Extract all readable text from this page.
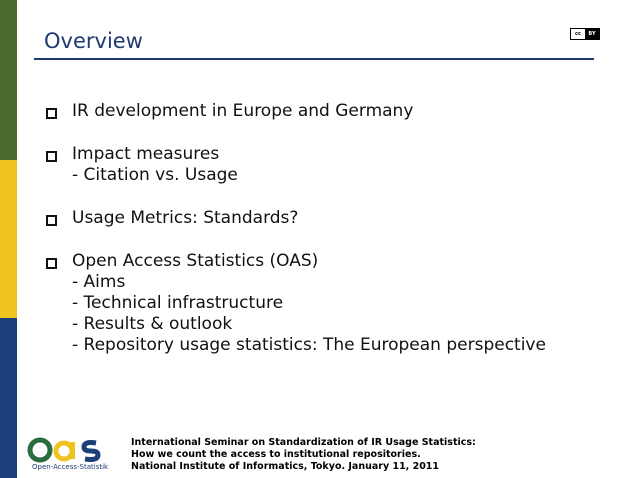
Overview	cc	BY
IR development in Europe and Germany
Impact measures
- Citation vs. Usage
Usage Metrics: Standards?
Open Access Statistics (OAS)
- Aims
- Technical infrastructure
- Results & outlook
- Repository usage statistics: The European perspective
Open-Access-Statistik
International Seminar on Standardization of IR Usage Statistics:
How we count the access to institutional repositories.
National Institute of Informatics, Tokyo. January 11, 2011
